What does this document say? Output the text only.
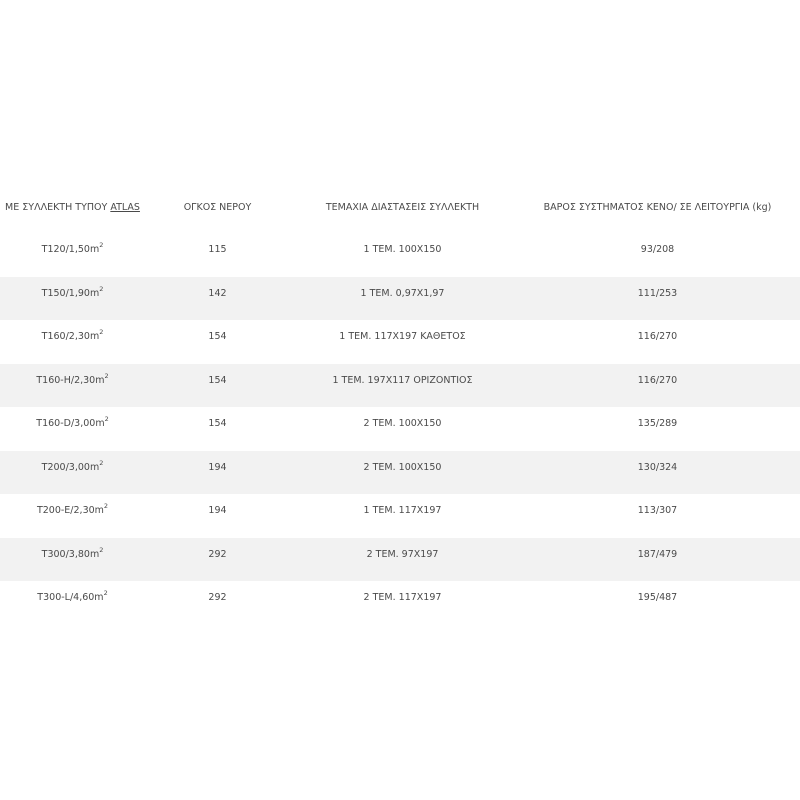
ΜΕ ΣΥΛΛΕΚΤΗ ΤΥΠΟΥ ATLAS	ΟΓΚΟΣ ΝΕΡΟΥ	ΤΕΜΑΧΙΑ ΔΙΑΣΤΑΣΕΙΣ ΣΥΛΛΕΚΤΗ	ΒΑΡΟΣ ΣΥΣΤΗΜΑΤΟΣ ΚΕΝΟ/ ΣΕ ΛΕΙΤΟΥΡΓΙΑ (kg)
$T120/1,50m^2$	115	1 ΤΕΜ. 100Χ150	93/208
$T150/1,90m^2$	142	1 ΤΕΜ. 0,97Χ1,97	111/253
$T160/2,30m^2$	154	1 ΤΕΜ. 117Χ197 ΚΑΘΕΤΟΣ	116/270
$T160-H/2,30m^2$	154	1 ΤΕΜ. 197Χ117 ΟΡΙΖΟΝΤΙΟΣ	116/270
$T160-D/3,00m^2$	154	2 ΤΕΜ. 100Χ150	135/289
$T200/3,00m^2$	194	2 ΤΕΜ. 100Χ150	130/324
$T200-E/2,30m^2$	194	1 ΤΕΜ. 117Χ197	113/307
$T300/3,80m^2$	292	2 ΤΕΜ. 97Χ197	187/479
$T300-L/4,60m^2$	292	2 ΤΕΜ. 117Χ197	195/487
